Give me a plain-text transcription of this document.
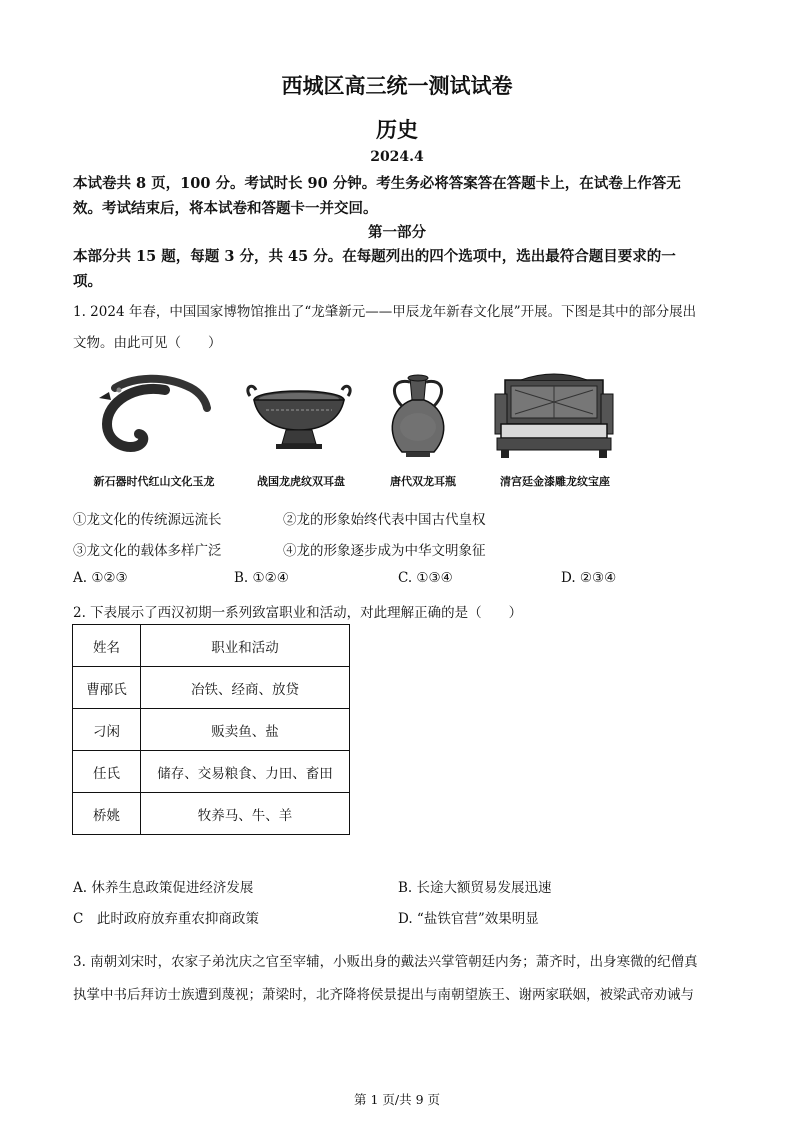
西城区高三统一测试试卷
历史
2024.4
本试卷共 8 页，100 分。考试时长 90 分钟。考生务必将答案答在答题卡上，在试卷上作答无
效。考试结束后，将本试卷和答题卡一并交回。
第一部分
本部分共 15 题，每题 3 分，共 45 分。在每题列出的四个选项中，选出最符合题目要求的一
项。
1. 2024 年春，中国国家博物馆推出了“龙肇新元——甲辰龙年新春文化展”开展。下图是其中的部分展出
文物。由此可见（　　）
新石器时代红山文化玉龙	战国龙虎纹双耳盘	唐代双龙耳瓶	清宫廷金漆雕龙纹宝座
①龙文化的传统源远流长	②龙的形象始终代表中国古代皇权
③龙文化的载体多样广泛	④龙的形象逐步成为中华文明象征
A. ①②③	B. ①②④	C. ①③④	D. ②③④
2. 下表展示了西汉初期一系列致富职业和活动，对此理解正确的是（　　）
姓名	职业和活动
曹邴氏	冶铁、经商、放贷
刁闲	贩卖鱼、盐
任氏	储存、交易粮食、力田、畜田
桥姚	牧养马、牛、羊
A. 休养生息政策促进经济发展	B. 长途大额贸易发展迅速
C　此时政府放弃重农抑商政策	D. “盐铁官营”效果明显
3. 南朝刘宋时，农家子弟沈庆之官至宰辅，小贩出身的戴法兴掌管朝廷内务；萧齐时，出身寒微的纪僧真
执掌中书后拜访士族遭到蔑视；萧梁时，北齐降将侯景提出与南朝望族王、谢两家联姻，被梁武帝劝诫与
第 1 页/共 9 页
